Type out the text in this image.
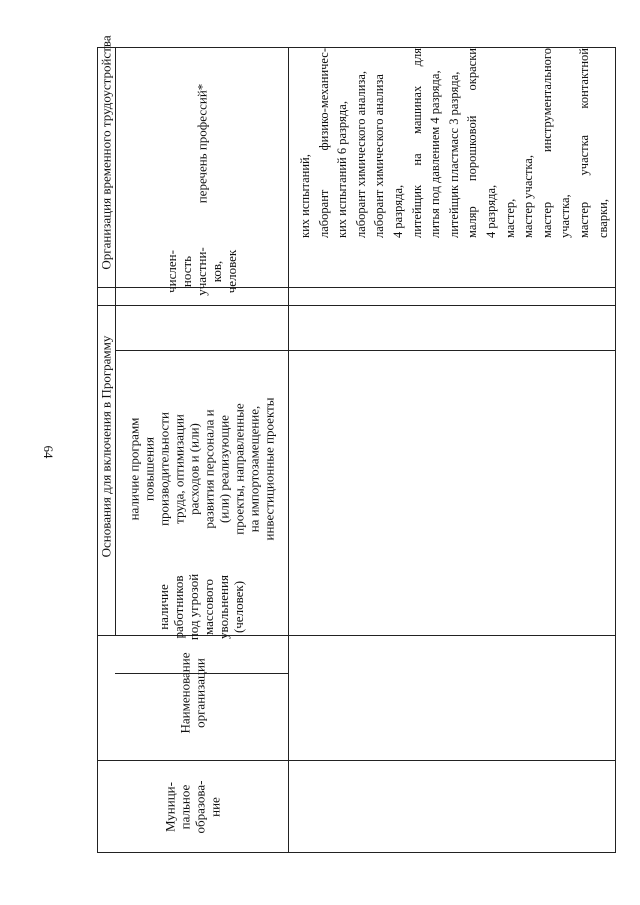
64
Организация временного трудоустройства
Основания для включения в Программу
перечень профессий*
числен-
ность
участни-
ков,
человек
наличие программ
повышения
производительности
труда, оптимизации
расходов и (или)
развития персонала и
(или) реализующие
проекты, направленные
на импортозамещение,
инвестиционные проекты
наличие
работников
под угрозой
массового
увольнения
(человек)
Наименование
организации
Муници-
пальное
образова-
ние
ких испытаний, лаборант
физико-механичес-
ких испытаний 6 разряда, лаборант химического анализа, лаборант химического анализа 4 разряда, литейщик
на
машинах
для
литья под давлением 4 разряда, литейщик пластмасс 3 разряда, маляр
порошковой
окраски
4 разряда, мастер, мастер участка, мастер
инструментального
участка, мастер
участка
контактной
сварки,
